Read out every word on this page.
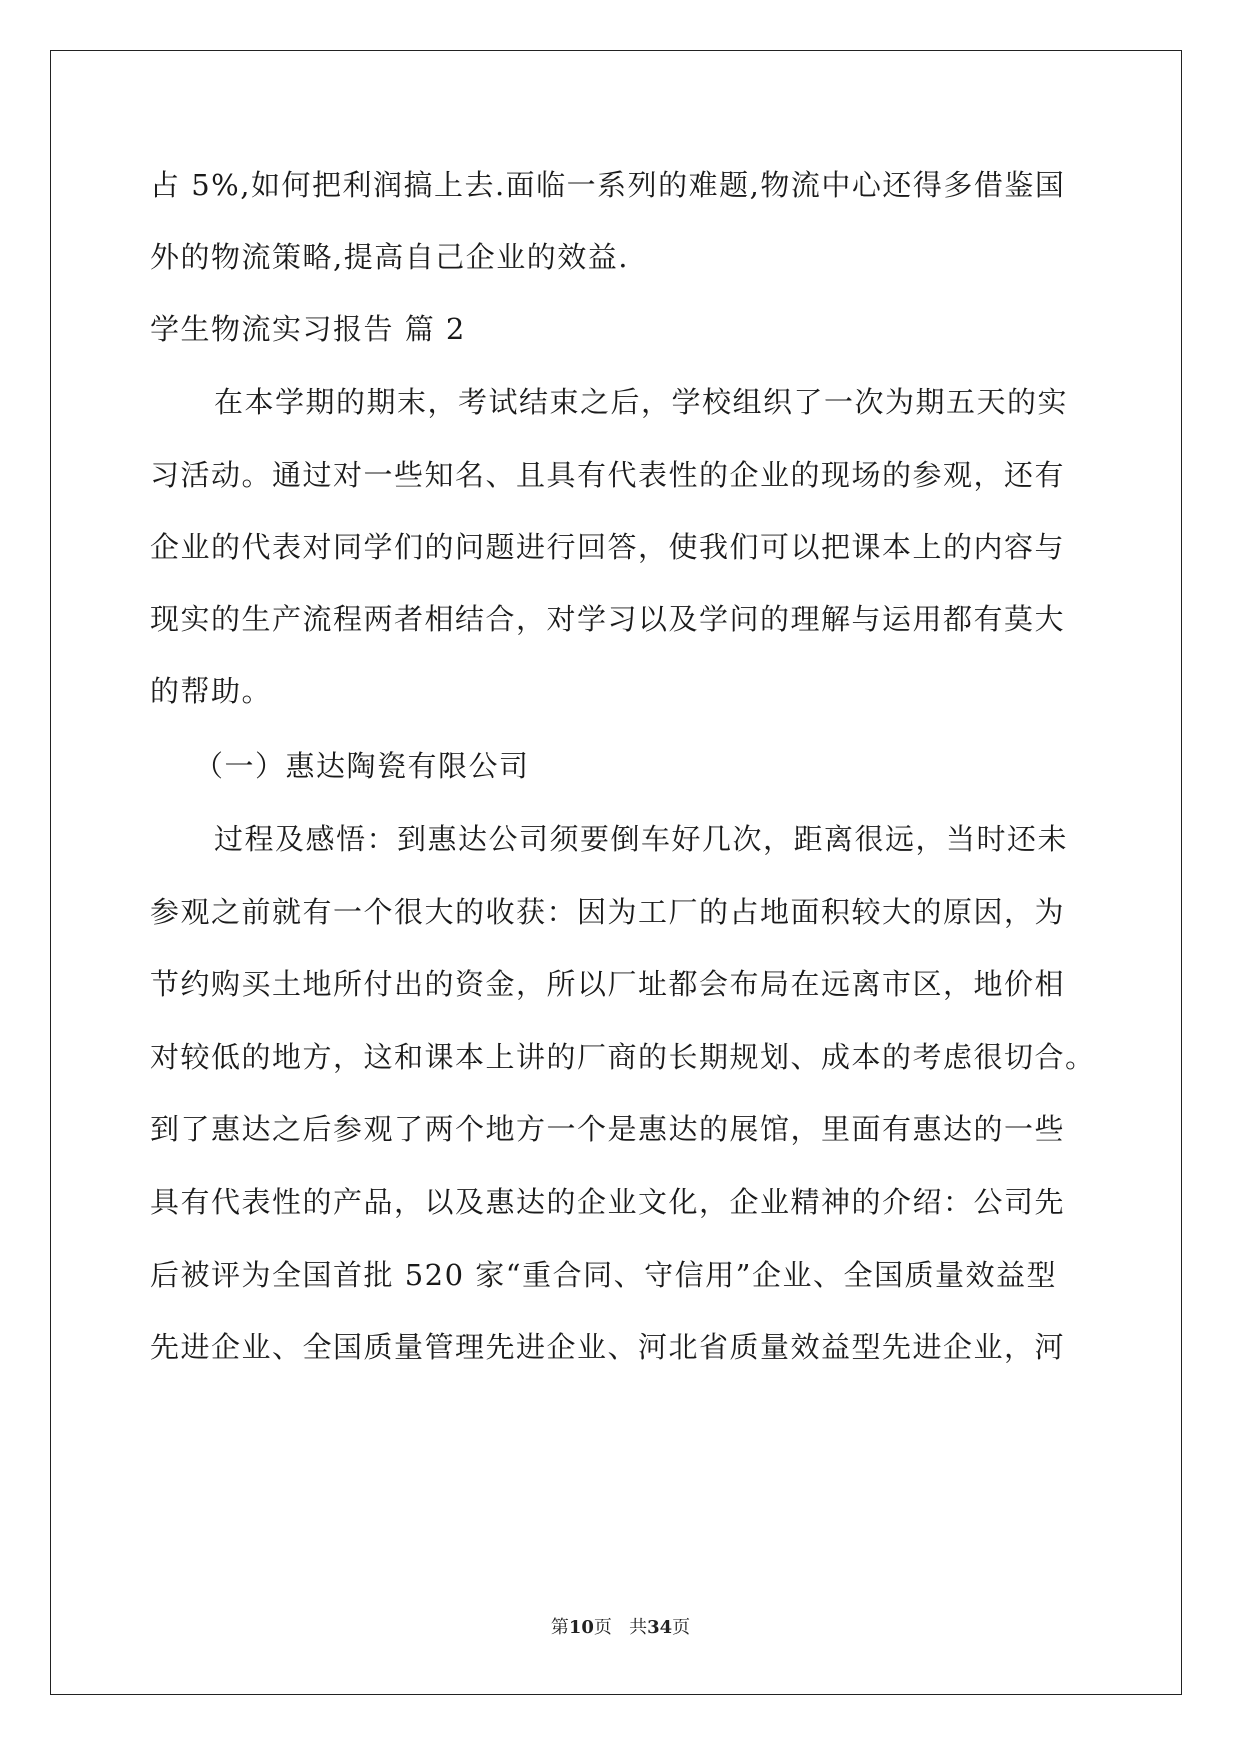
占 5%,如何把利润搞上去.面临一系列的难题,物流中心还得多借鉴国
外的物流策略,提高自己企业的效益.
学生物流实习报告 篇 2
在本学期的期末，考试结束之后，学校组织了一次为期五天的实
习活动。通过对一些知名、且具有代表性的企业的现场的参观，还有
企业的代表对同学们的问题进行回答，使我们可以把课本上的内容与
现实的生产流程两者相结合，对学习以及学问的理解与运用都有莫大
的帮助。
（一）惠达陶瓷有限公司
过程及感悟：到惠达公司须要倒车好几次，距离很远，当时还未
参观之前就有一个很大的收获：因为工厂的占地面积较大的原因，为
节约购买土地所付出的资金，所以厂址都会布局在远离市区，地价相
对较低的地方，这和课本上讲的厂商的长期规划、成本的考虑很切合。
到了惠达之后参观了两个地方一个是惠达的展馆，里面有惠达的一些
具有代表性的产品，以及惠达的企业文化，企业精神的介绍：公司先
后被评为全国首批 520 家“重合同、守信用”企业、全国质量效益型
先进企业、全国质量管理先进企业、河北省质量效益型先进企业，河
第10页 共34页
